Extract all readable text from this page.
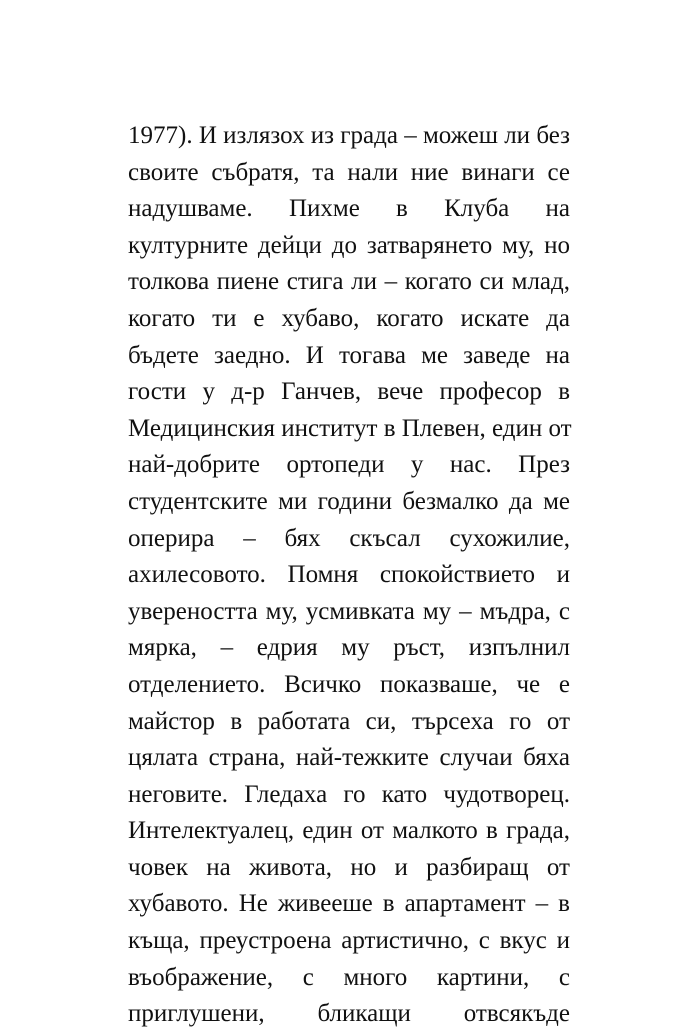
1977). И излязох из града – можеш ли без
своите събратя, та нали ние винаги се
надушваме. Пихме в Клуба на
културните дейци до затварянето му, но
толкова пиене стига ли – когато си млад,
когато ти е хубаво, когато искате да
бъдете заедно. И тогава ме заведе на
гости у д-р Ганчев, вече професор в
Медицинския институт в Плевен, един от
най-добрите ортопеди у нас. През
студентските ми години безмалко да ме
оперира – бях скъсал сухожилие,
ахилесовото. Помня спокойствието и
увереността му, усмивката му – мъдра, с
мярка, – едрия му ръст, изпълнил
отделението. Всичко показваше, че е
майстор в работата си, търсеха го от
цялата страна, най-тежките случаи бяха
неговите. Гледаха го като чудотворец.
Интелектуалец, един от малкото в града,
човек на живота, но и разбиращ от
хубавото. Не живееше в апартамент – в
къща, преустроена артистично, с вкус и
въображение, с много картини, с
приглушени, бликащи отвсякъде
